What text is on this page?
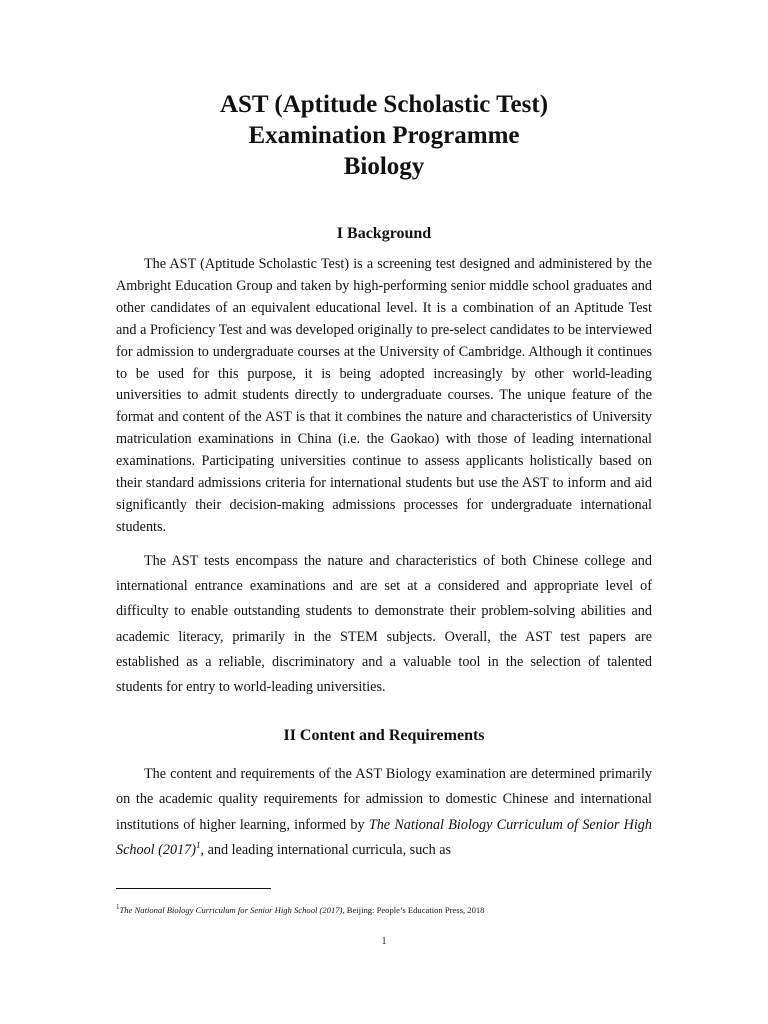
AST (Aptitude Scholastic Test)

Examination Programme

Biology

I Background

The AST (Aptitude Scholastic Test) is a screening test designed and administered by the Ambright Education Group and taken by high-performing senior middle school graduates and other candidates of an equivalent educational level. It is a combination of an Aptitude Test and a Proficiency Test and was developed originally to pre-select candidates to be interviewed for admission to undergraduate courses at the University of Cambridge. Although it continues to be used for this purpose, it is being adopted increasingly by other world-leading universities to admit students directly to undergraduate courses. The unique feature of the format and content of the AST is that it combines the nature and characteristics of University matriculation examinations in China (i.e. the Gaokao) with those of leading international examinations. Participating universities continue to assess applicants holistically based on their standard admissions criteria for international students but use the AST to inform and aid significantly their decision-making admissions processes for undergraduate international students.

The AST tests encompass the nature and characteristics of both Chinese college and international entrance examinations and are set at a considered and appropriate level of difficulty to enable outstanding students to demonstrate their problem-solving abilities and academic literacy, primarily in the STEM subjects. Overall, the AST test papers are established as a reliable, discriminatory and a valuable tool in the selection of talented students for entry to world-leading universities.

II Content and Requirements

The content and requirements of the AST Biology examination are determined primarily on the academic quality requirements for admission to domestic Chinese and international institutions of higher learning, informed by The National Biology Curriculum of Senior High School $(2017)^1$, and leading international curricula, such as

$^1$The National Biology Curriculum for Senior High School (2017), Beijing: People’s Education Press, 2018

1
